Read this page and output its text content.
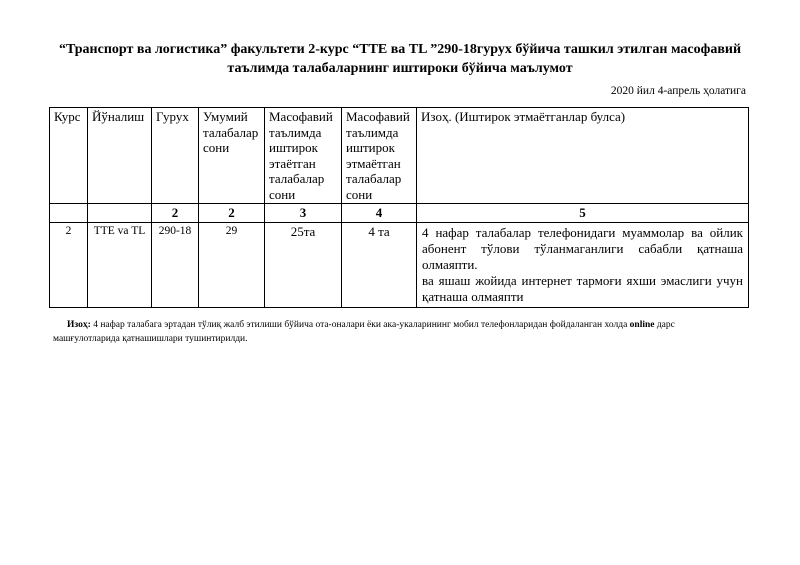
“Транспорт ва логистика” факультети 2-курс “ТТЕ ва TL ”290-18гурух бўйича ташкил этилган масофавий
таълимда талабаларнинг иштироки бўйича маълумот
2020 йил 4-апрель ҳолатига
Курс	Йўналиш	Гурух	Умумий талабалар сони	Масофавий таълимда иштирок этаётган талабалар сони	Масофавий таълимда иштирок этмаётган талабалар сони	Изоҳ. (Иштирок этмаётганлар булса)
		2	2	3	4	5
2	TTE va TL	290-18	29	25та	4 та	4 нафар талабалар телефонидаги муаммолар ва ойлик абонент тўлови тўланмаганлиги сабабли қатнаша олмаяпти.
ва яшаш жойида интернет тармоғи яхши эмаслиги учун қатнаша олмаяпти
Изоҳ: 4 нафар талабага эртадан тўлиқ жалб этилиши бўйича ота-оналари ёки ака-укаларининг мобил телефонларидан фойдаланган холда online дарс машғулотларида қатнашишлари тушинтирилди.
